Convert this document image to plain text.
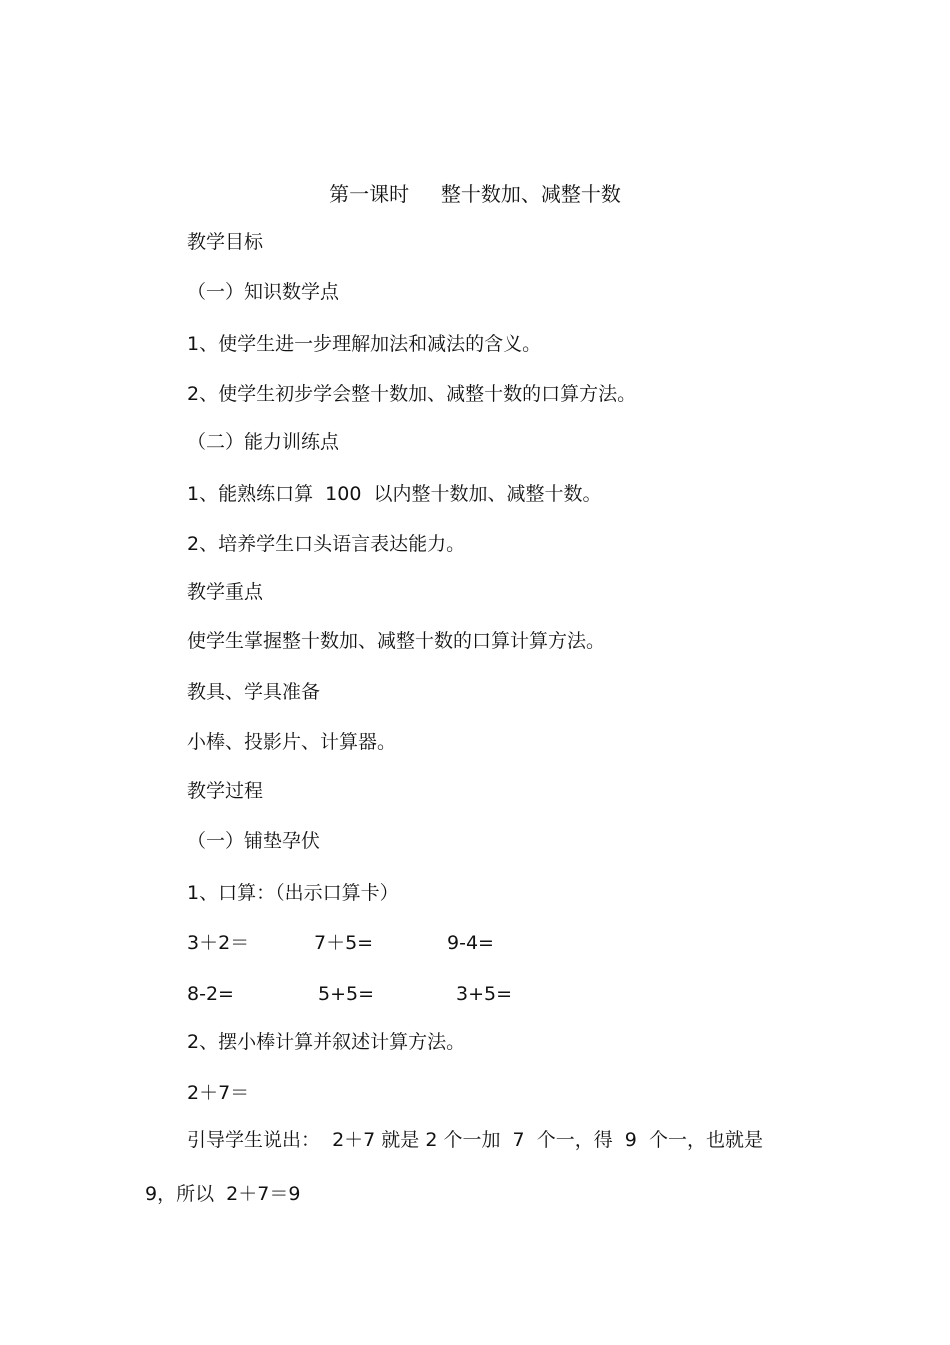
第一课时     整十数加、减整十数
教学目标
（一）知识数学点
1、使学生进一步理解加法和减法的含义。
2、使学生初步学会整十数加、减整十数的口算方法。
（二）能力训练点
1、能熟练口算  100  以内整十数加、减整十数。
2、培养学生口头语言表达能力。
教学重点
使学生掌握整十数加、减整十数的口算计算方法。
教具、学具准备
小棒、投影片、计算器。
教学过程
（一）铺垫孕伏
1、口算：（出示口算卡）
3＋2＝	7＋5=	9-4=
8-2=	5+5=	3+5=
2、摆小棒计算并叙述计算方法。
2＋7＝
引导学生说出：  2＋7 就是 2 个一加  7  个一，得  9  个一，也就是
9，所以  2＋7＝9
